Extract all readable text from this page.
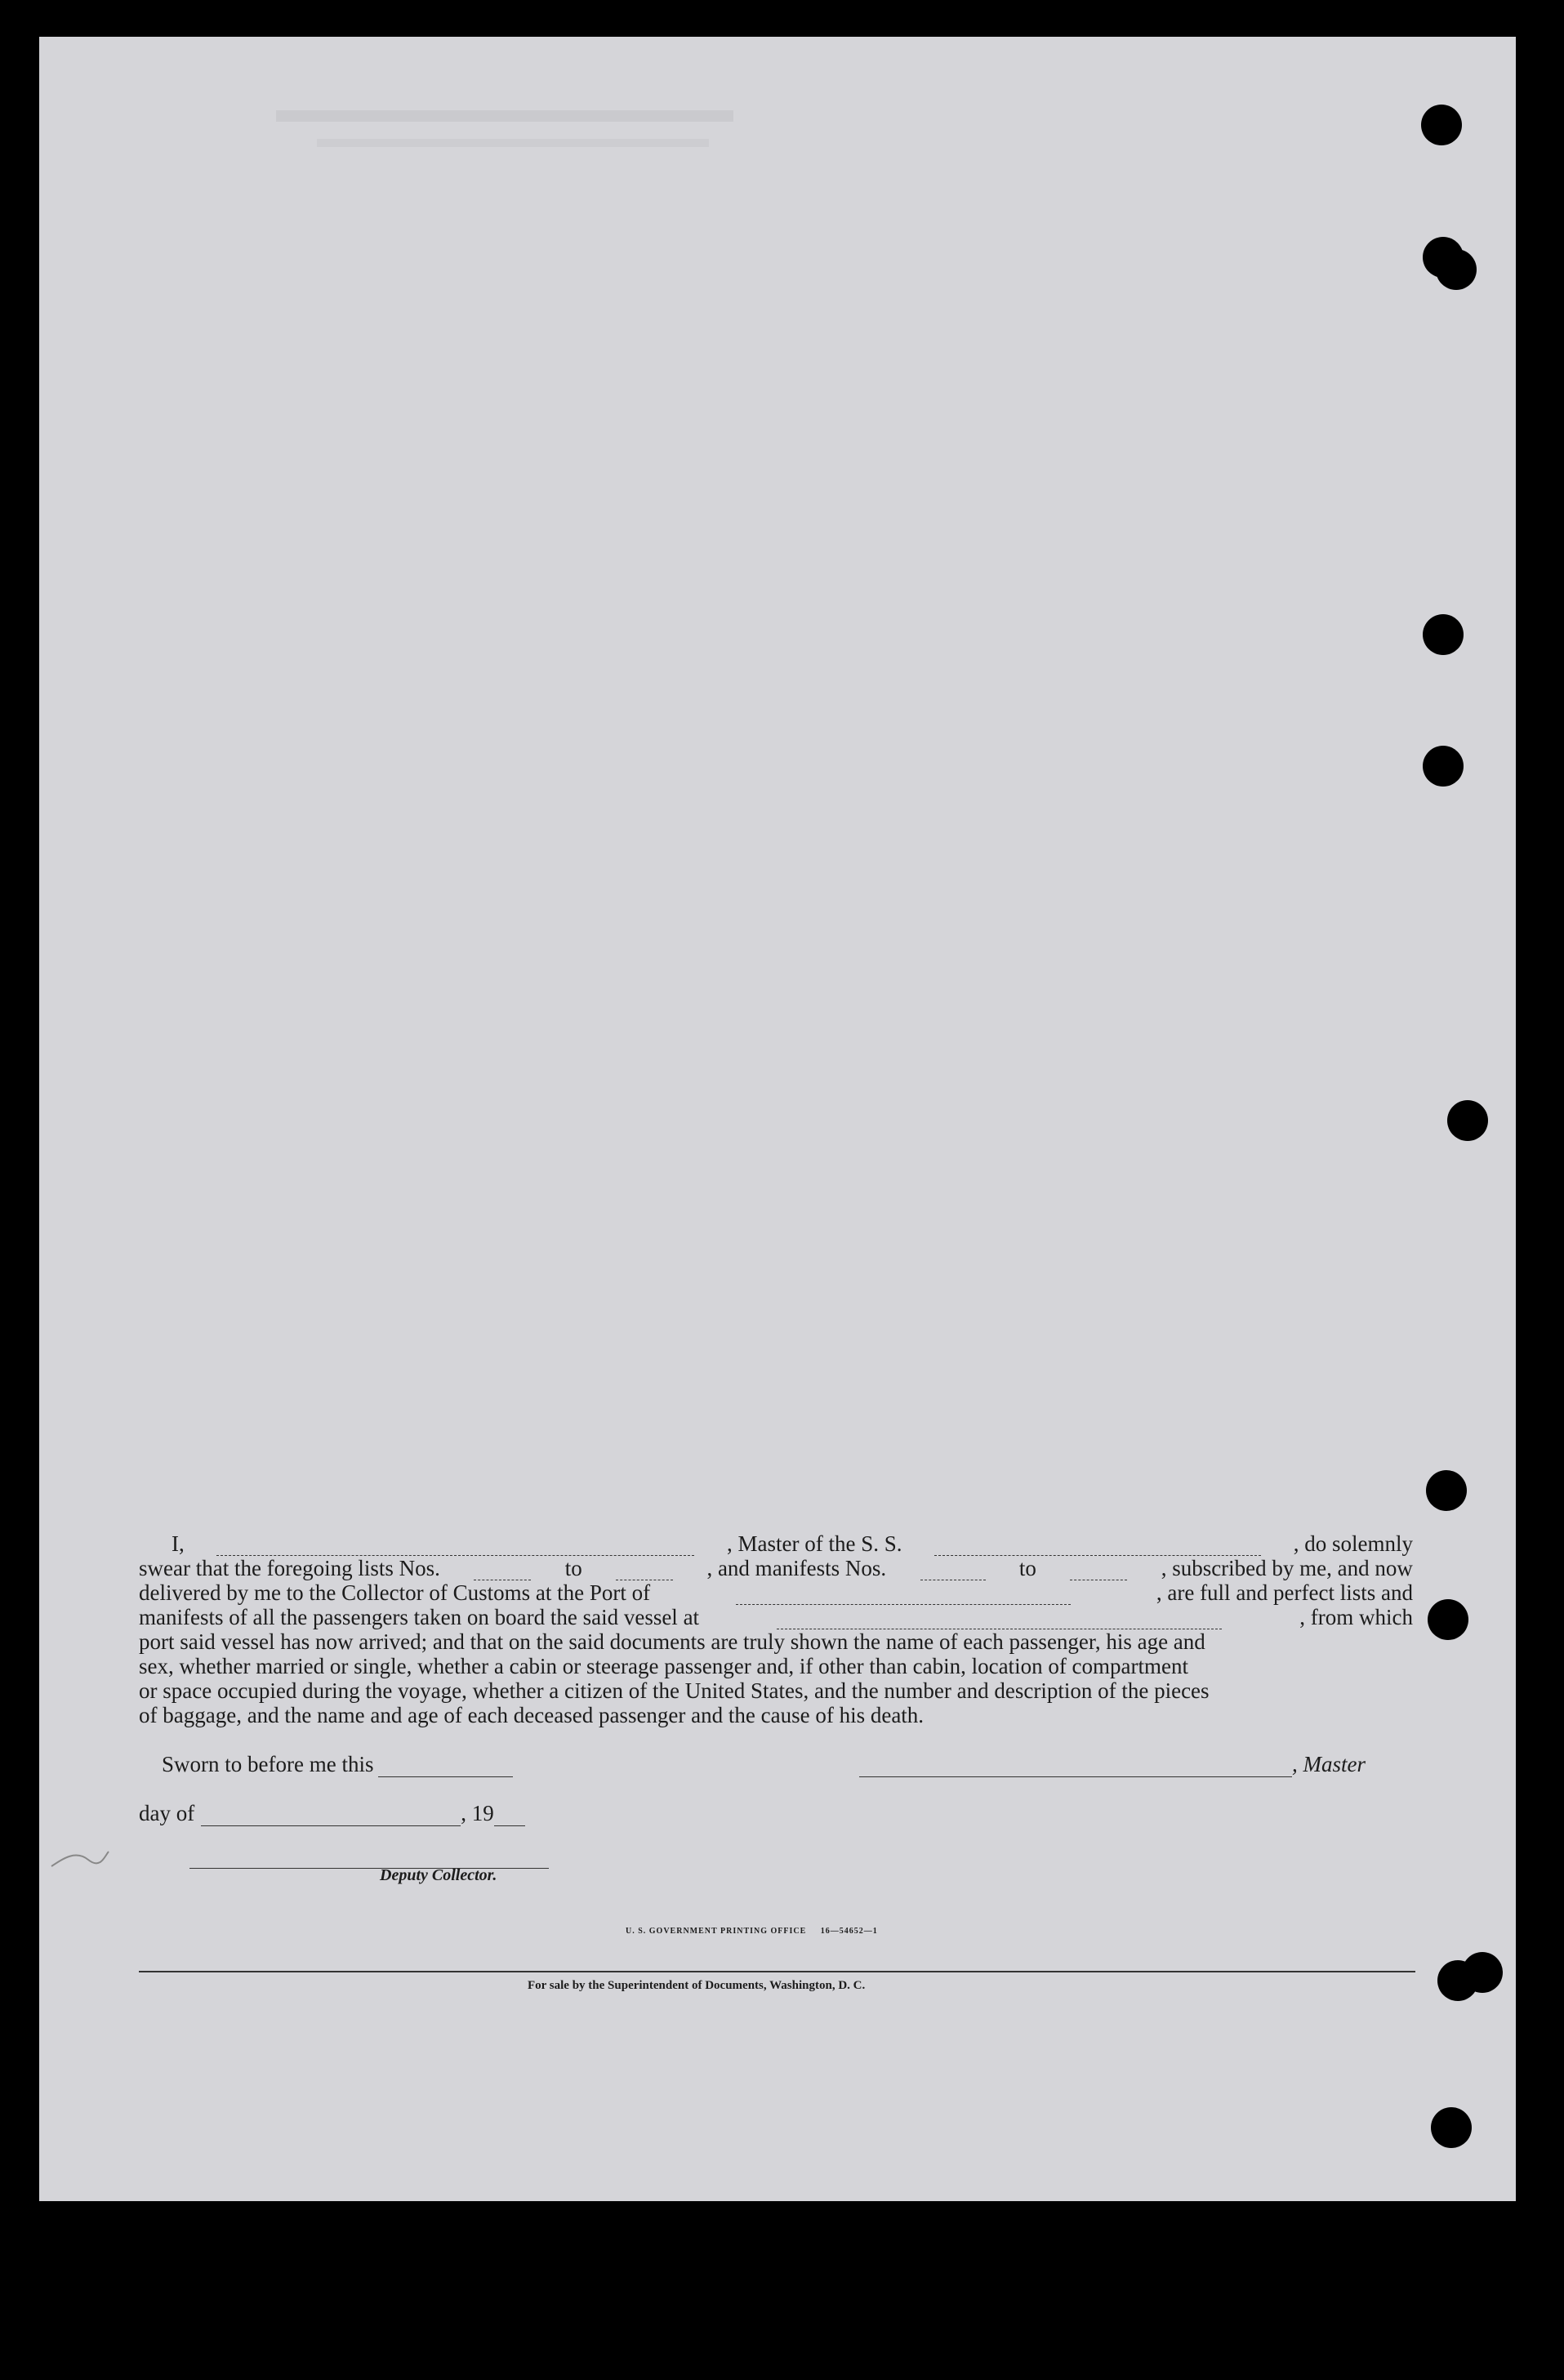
I,	, Master of the S. S.	, do solemnly
swear that the foregoing lists Nos.	to	, and manifests Nos.	to	, subscribed by me, and now
delivered by me to the Collector of Customs at the Port of	, are full and perfect lists and
manifests of all the passengers taken on board the said vessel at	, from which
port said vessel has now arrived; and that on the said documents are truly shown the name of each passenger, his age and
sex, whether married or single, whether a cabin or steerage passenger and, if other than cabin, location of compartment
or space occupied during the voyage, whether a citizen of the United States, and the number and description of the pieces
of baggage, and the name and age of each deceased passenger and the cause of his death.
Sworn to before me this	, Master
day of	, 19
Deputy Collector.
U. S. GOVERNMENT PRINTING OFFICE     16—54652—1
For sale by the Superintendent of Documents, Washington, D. C.
